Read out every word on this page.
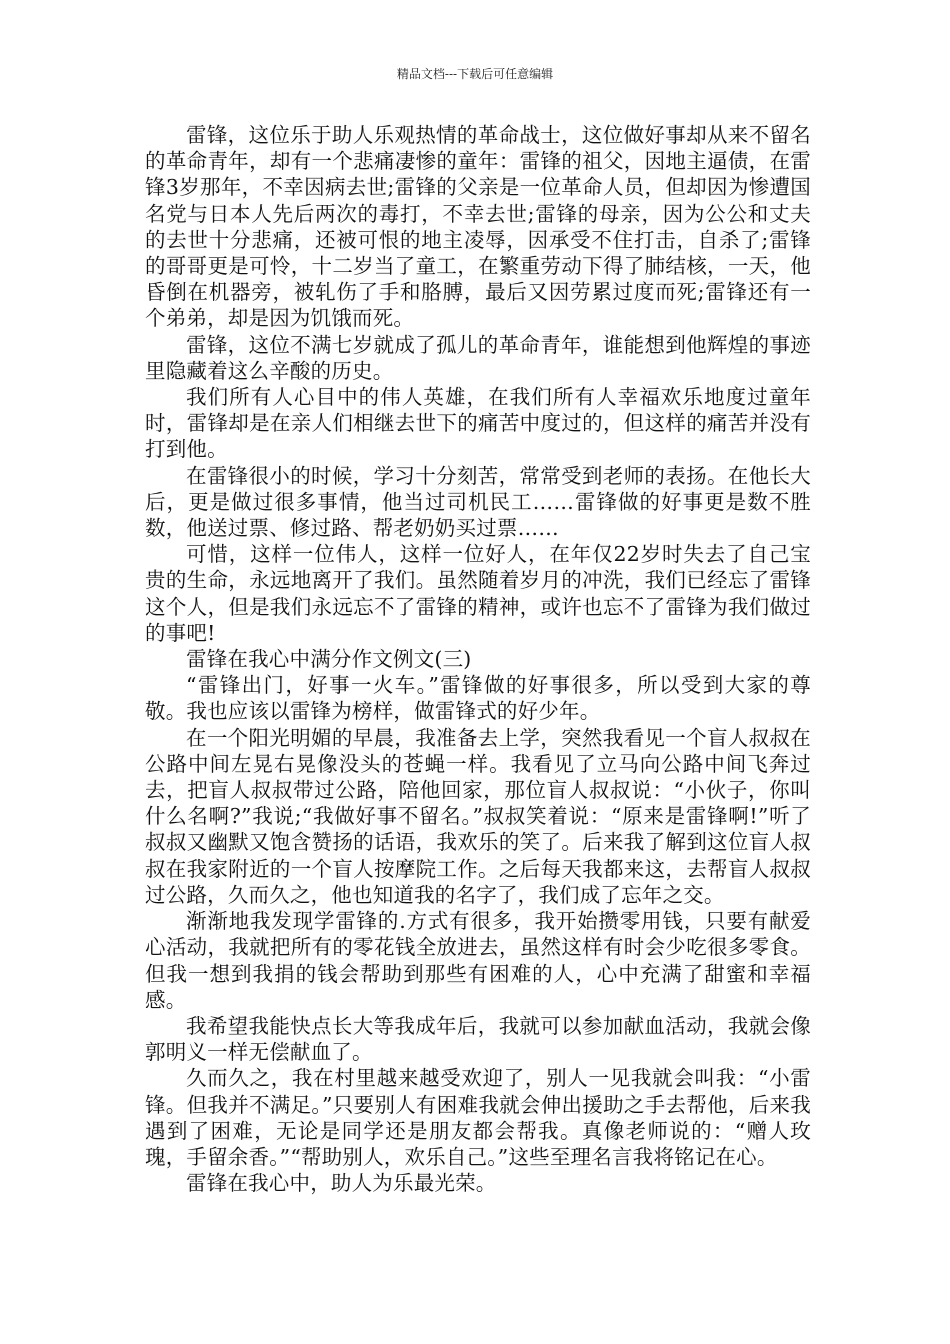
精品文档---下载后可任意编辑

雷锋，这位乐于助人乐观热情的革命战士，这位做好事却从来不留名的革命青年，却有一个悲痛凄惨的童年：雷锋的祖父，因地主逼债，在雷锋3岁那年，不幸因病去世;雷锋的父亲是一位革命人员，但却因为惨遭国名党与日本人先后两次的毒打，不幸去世;雷锋的母亲，因为公公和丈夫的去世十分悲痛，还被可恨的地主凌辱，因承受不住打击，自杀了;雷锋的哥哥更是可怜，十二岁当了童工，在繁重劳动下得了肺结核，一天，他昏倒在机器旁，被轧伤了手和胳膊，最后又因劳累过度而死;雷锋还有一个弟弟，却是因为饥饿而死。

雷锋，这位不满七岁就成了孤儿的革命青年，谁能想到他辉煌的事迹里隐藏着这么辛酸的历史。

我们所有人心目中的伟人英雄，在我们所有人幸福欢乐地度过童年时，雷锋却是在亲人们相继去世下的痛苦中度过的，但这样的痛苦并没有打到他。

在雷锋很小的时候，学习十分刻苦，常常受到老师的表扬。在他长大后，更是做过很多事情，他当过司机民工……雷锋做的好事更是数不胜数，他送过票、修过路、帮老奶奶买过票……

可惜，这样一位伟人，这样一位好人，在年仅22岁时失去了自己宝贵的生命，永远地离开了我们。虽然随着岁月的冲洗，我们已经忘了雷锋这个人，但是我们永远忘不了雷锋的精神，或许也忘不了雷锋为我们做过的事吧!

雷锋在我心中满分作文例文(三)

“雷锋出门，好事一火车。”雷锋做的好事很多，所以受到大家的尊敬。我也应该以雷锋为榜样，做雷锋式的好少年。

在一个阳光明媚的早晨，我准备去上学，突然我看见一个盲人叔叔在公路中间左晃右晃像没头的苍蝇一样。我看见了立马向公路中间飞奔过去，把盲人叔叔带过公路，陪他回家，那位盲人叔叔说：“小伙子，你叫什么名啊?”我说;“我做好事不留名。”叔叔笑着说：“原来是雷锋啊!”听了叔叔又幽默又饱含赞扬的话语，我欢乐的笑了。后来我了解到这位盲人叔叔在我家附近的一个盲人按摩院工作。之后每天我都来这，去帮盲人叔叔过公路，久而久之，他也知道我的名字了，我们成了忘年之交。

渐渐地我发现学雷锋的.方式有很多，我开始攒零用钱，只要有献爱心活动，我就把所有的零花钱全放进去，虽然这样有时会少吃很多零食。但我一想到我捐的钱会帮助到那些有困难的人，心中充满了甜蜜和幸福感。

我希望我能快点长大等我成年后，我就可以参加献血活动，我就会像郭明义一样无偿献血了。

久而久之，我在村里越来越受欢迎了，别人一见我就会叫我：“小雷锋。但我并不满足。”只要别人有困难我就会伸出援助之手去帮他，后来我遇到了困难，无论是同学还是朋友都会帮我。真像老师说的：“赠人玫瑰，手留余香。”“帮助别人，欢乐自己。”这些至理名言我将铭记在心。

雷锋在我心中，助人为乐最光荣。
